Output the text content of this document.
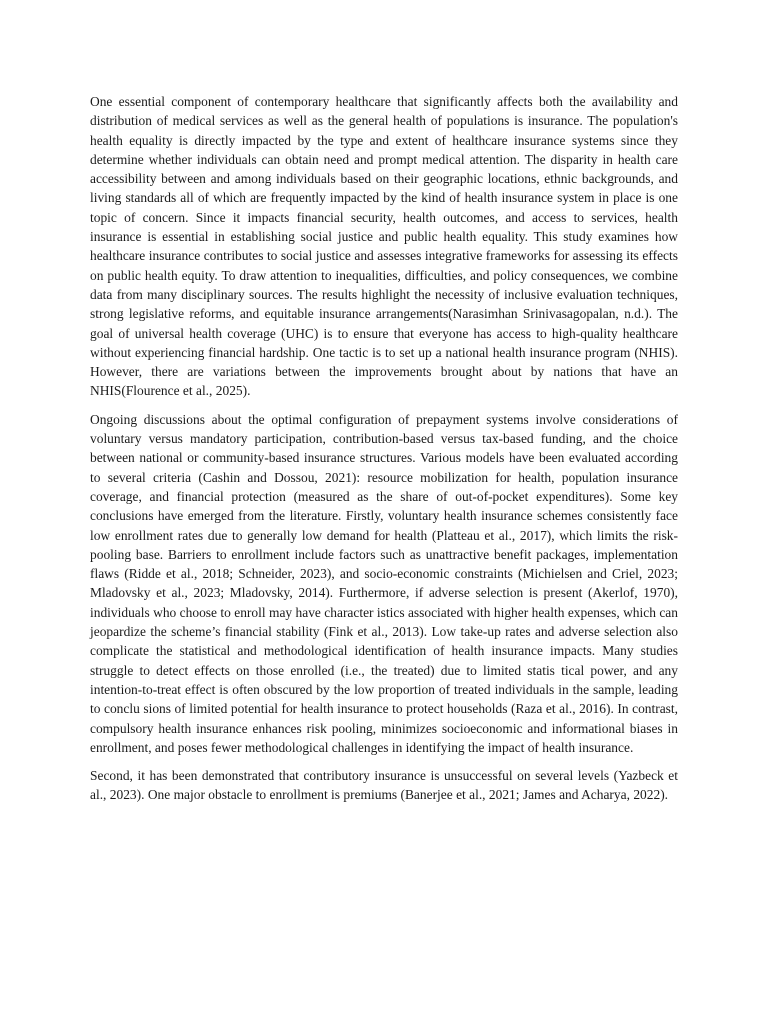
One essential component of contemporary healthcare that significantly affects both the availability and distribution of medical services as well as the general health of populations is insurance. The population's health equality is directly impacted by the type and extent of healthcare insurance systems since they determine whether individuals can obtain need and prompt medical attention. The disparity in health care accessibility between and among individuals based on their geographic locations, ethnic backgrounds, and living standards all of which are frequently impacted by the kind of health insurance system in place is one topic of concern. Since it impacts financial security, health outcomes, and access to services, health insurance is essential in establishing social justice and public health equality. This study examines how healthcare insurance contributes to social justice and assesses integrative frameworks for assessing its effects on public health equity. To draw attention to inequalities, difficulties, and policy consequences, we combine data from many disciplinary sources. The results highlight the necessity of inclusive evaluation techniques, strong legislative reforms, and equitable insurance arrangements(Narasimhan Srinivasagopalan, n.d.). The goal of universal health coverage (UHC) is to ensure that everyone has access to high-quality healthcare without experiencing financial hardship. One tactic is to set up a national health insurance program (NHIS). However, there are variations between the improvements brought about by nations that have an NHIS(Flourence et al., 2025).

Ongoing discussions about the optimal configuration of prepayment systems involve considerations of voluntary versus mandatory participation, contribution-based versus tax-based funding, and the choice between national or community-based insurance structures. Various models have been evaluated according to several criteria (Cashin and Dossou, 2021): resource mobilization for health, population insurance coverage, and financial protection (measured as the share of out-of-pocket expenditures). Some key conclusions have emerged from the literature. Firstly, voluntary health insurance schemes consistently face low enrollment rates due to generally low demand for health (Platteau et al., 2017), which limits the risk-pooling base. Barriers to enrollment include factors such as unattractive benefit packages, implementation flaws (Ridde et al., 2018; Schneider, 2023), and socio-economic constraints (Michielsen and Criel, 2023; Mladovsky et al., 2023; Mladovsky, 2014). Furthermore, if adverse selection is present (Akerlof, 1970), individuals who choose to enroll may have character istics associated with higher health expenses, which can jeopardize the scheme’s financial stability (Fink et al., 2013). Low take-up rates and adverse selection also complicate the statistical and methodological identification of health insurance impacts. Many studies struggle to detect effects on those enrolled (i.e., the treated) due to limited statis tical power, and any intention-to-treat effect is often obscured by the low proportion of treated individuals in the sample, leading to conclu sions of limited potential for health insurance to protect households (Raza et al., 2016). In contrast, compulsory health insurance enhances risk pooling, minimizes socioeconomic and informational biases in enrollment, and poses fewer methodological challenges in identifying the impact of health insurance.

Second, it has been demonstrated that contributory insurance is unsuccessful on several levels (Yazbeck et al., 2023). One major obstacle to enrollment is premiums (Banerjee et al., 2021; James and Acharya, 2022).
